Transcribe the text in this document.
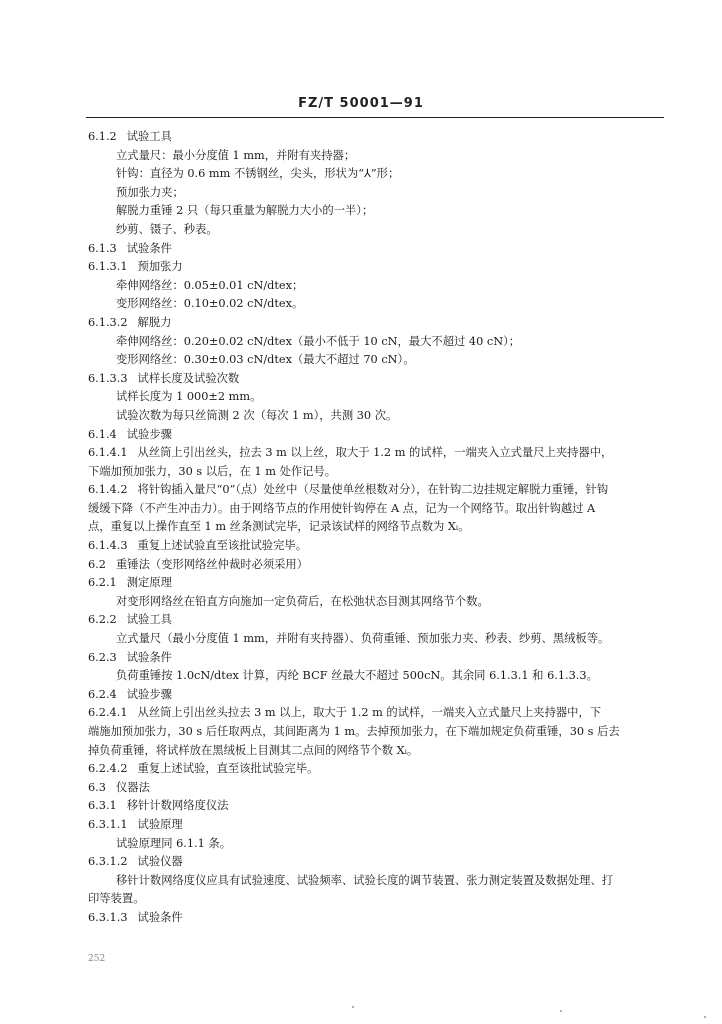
FZ/T 50001—91
6.1.2 试验工具
立式量尺：最小分度值 1 mm，并附有夹持器；
针钩：直径为 0.6 mm 不锈钢丝，尖头，形状为“⅄”形；
预加张力夹；
解脱力重锤 2 只（每只重量为解脱力大小的一半）；
纱剪、镊子、秒表。
6.1.3 试验条件
6.1.3.1 预加张力
牵伸网络丝：0.05±0.01 cN/dtex；
变形网络丝：0.10±0.02 cN/dtex。
6.1.3.2 解脱力
牵伸网络丝：0.20±0.02 cN/dtex（最小不低于 10 cN，最大不超过 40 cN）；
变形网络丝：0.30±0.03 cN/dtex（最大不超过 70 cN）。
6.1.3.3 试样长度及试验次数
试样长度为 1 000±2 mm。
试验次数为每只丝筒测 2 次（每次 1 m），共测 30 次。
6.1.4 试验步骤
6.1.4.1 从丝筒上引出丝头，拉去 3 m 以上丝，取大于 1.2 m 的试样，一端夹入立式量尺上夹持器中，
下端加预加张力，30 s 以后，在 1 m 处作记号。
6.1.4.2 将针钩插入量尺“0”（点）处丝中（尽量使单丝根数对分），在针钩二边挂规定解脱力重锤，针钩
缓缓下降（不产生冲击力）。由于网络节点的作用使针钩停在 A 点，记为一个网络节。取出针钩越过 A
点，重复以上操作直至 1 m 丝条测试完毕，记录该试样的网络节点数为 Xᵢ。
6.1.4.3 重复上述试验直至该批试验完毕。
6.2 重锤法（变形网络丝仲裁时必须采用）
6.2.1 测定原理
对变形网络丝在铅直方向施加一定负荷后，在松弛状态目测其网络节个数。
6.2.2 试验工具
立式量尺（最小分度值 1 mm，并附有夹持器）、负荷重锤、预加张力夹、秒表、纱剪、黑绒板等。
6.2.3 试验条件
负荷重锤按 1.0cN/dtex 计算，丙纶 BCF 丝最大不超过 500cN。其余同 6.1.3.1 和 6.1.3.3。
6.2.4 试验步骤
6.2.4.1 从丝筒上引出丝头拉去 3 m 以上，取大于 1.2 m 的试样，一端夹入立式量尺上夹持器中，下
端施加预加张力，30 s 后任取两点，其间距离为 1 m。去掉预加张力，在下端加规定负荷重锤，30 s 后去
掉负荷重锤，将试样放在黑绒板上目测其二点间的网络节个数 Xᵢ。
6.2.4.2 重复上述试验，直至该批试验完毕。
6.3 仪器法
6.3.1 移针计数网络度仪法
6.3.1.1 试验原理
试验原理同 6.1.1 条。
6.3.1.2 试验仪器
移针计数网络度仪应具有试验速度、试验频率、试验长度的调节装置、张力测定装置及数据处理、打
印等装置。
6.3.1.3 试验条件
252
